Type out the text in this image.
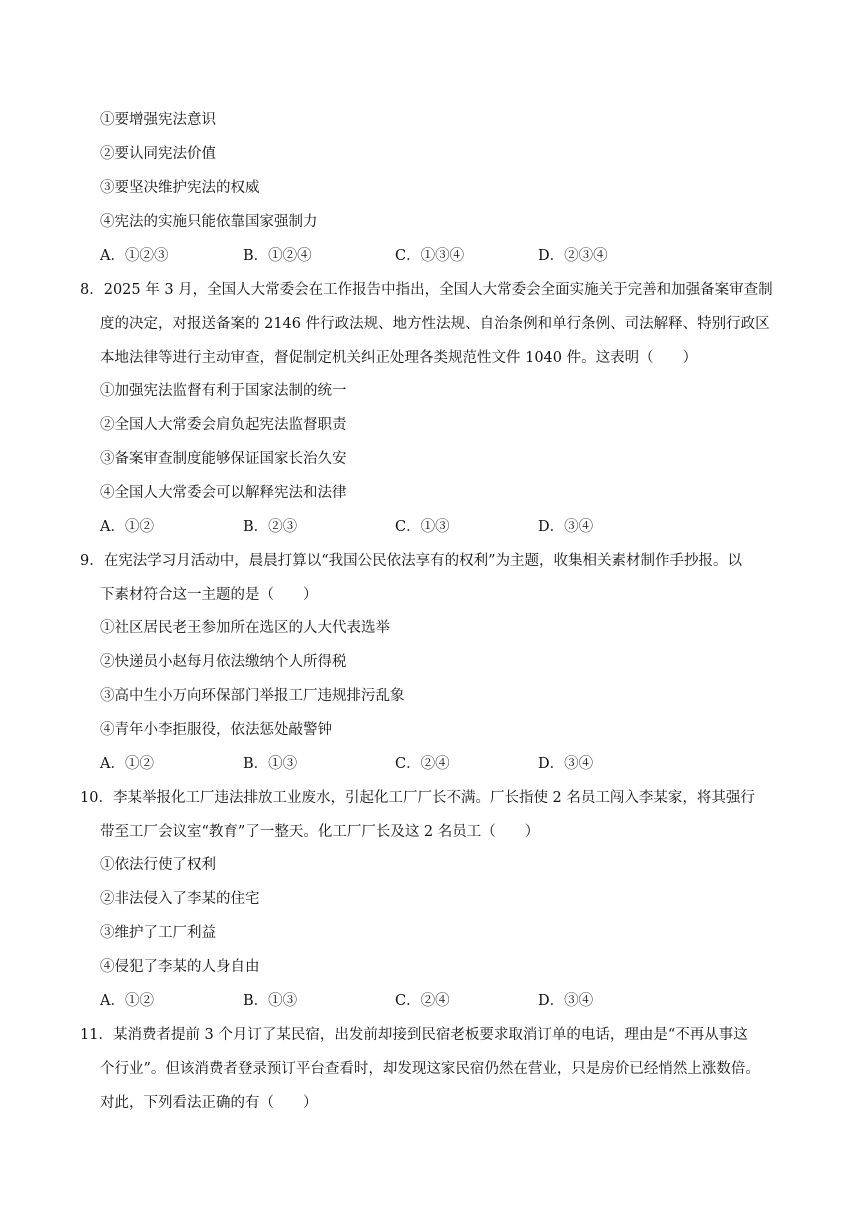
①要增强宪法意识
②要认同宪法价值
③要坚决维护宪法的权威
④宪法的实施只能依靠国家强制力
A．①②③	B．①②④	C．①③④	D．②③④
8．2025 年 3 月，全国人大常委会在工作报告中指出，全国人大常委会全面实施关于完善和加强备案审查制
度的决定，对报送备案的 2146 件行政法规、地方性法规、自治条例和单行条例、司法解释、特别行政区
本地法律等进行主动审查，督促制定机关纠正处理各类规范性文件 1040 件。这表明（　　）
①加强宪法监督有利于国家法制的统一
②全国人大常委会肩负起宪法监督职责
③备案审查制度能够保证国家长治久安
④全国人大常委会可以解释宪法和法律
A．①②	B．②③	C．①③	D．③④
9．在宪法学习月活动中，晨晨打算以“我国公民依法享有的权利”为主题，收集相关素材制作手抄报。以
下素材符合这一主题的是（　　）
①社区居民老王参加所在选区的人大代表选举
②快递员小赵每月依法缴纳个人所得税
③高中生小万向环保部门举报工厂违规排污乱象
④青年小李拒服役，依法惩处敲警钟
A．①②	B．①③	C．②④	D．③④
10．李某举报化工厂违法排放工业废水，引起化工厂厂长不满。厂长指使 2 名员工闯入李某家，将其强行
带至工厂会议室“教育”了一整天。化工厂厂长及这 2 名员工（　　）
①依法行使了权利
②非法侵入了李某的住宅
③维护了工厂利益
④侵犯了李某的人身自由
A．①②	B．①③	C．②④	D．③④
11．某消费者提前 3 个月订了某民宿，出发前却接到民宿老板要求取消订单的电话，理由是“不再从事这
个行业”。但该消费者登录预订平台查看时，却发现这家民宿仍然在营业，只是房价已经悄然上涨数倍。
对此，下列看法正确的有（　　）
